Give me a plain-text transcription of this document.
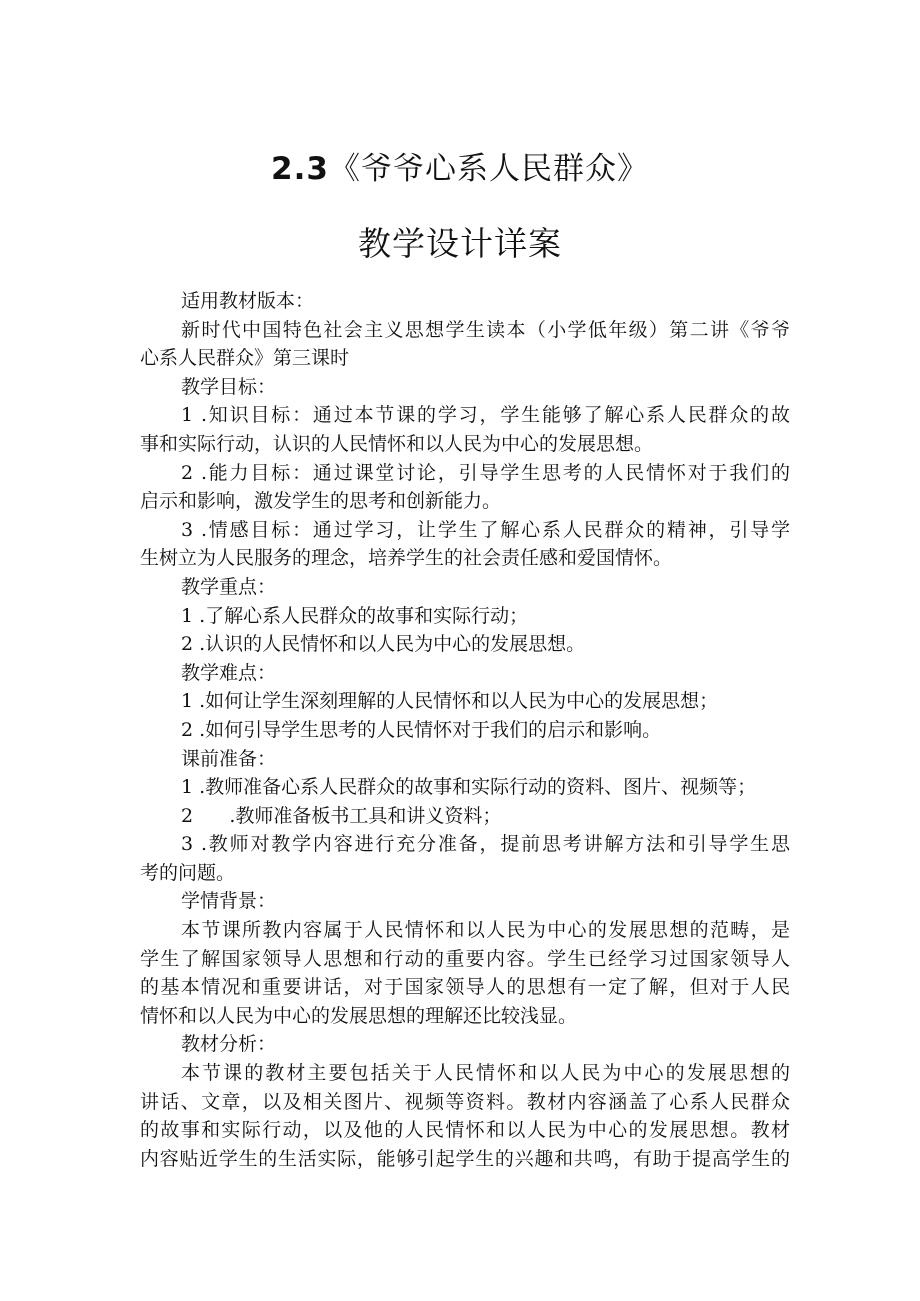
2.3《爷爷心系人民群众》
教学设计详案
适用教材版本：
新时代中国特色社会主义思想学生读本（小学低年级）第二讲《爷爷
心系人民群众》第三课时
教学目标：
1 .知识目标：通过本节课的学习，学生能够了解心系人民群众的故
事和实际行动，认识的人民情怀和以人民为中心的发展思想。
2 .能力目标：通过课堂讨论，引导学生思考的人民情怀对于我们的
启示和影响，激发学生的思考和创新能力。
3 .情感目标：通过学习，让学生了解心系人民群众的精神，引导学
生树立为人民服务的理念，培养学生的社会责任感和爱国情怀。
教学重点：
1 .了解心系人民群众的故事和实际行动；
2 .认识的人民情怀和以人民为中心的发展思想。
教学难点：
1 .如何让学生深刻理解的人民情怀和以人民为中心的发展思想；
2 .如何引导学生思考的人民情怀对于我们的启示和影响。
课前准备：
1 .教师准备心系人民群众的故事和实际行动的资料、图片、视频等；
2      .教师准备板书工具和讲义资料；
3 .教师对教学内容进行充分准备，提前思考讲解方法和引导学生思
考的问题。
学情背景：
本节课所教内容属于人民情怀和以人民为中心的发展思想的范畴，是
学生了解国家领导人思想和行动的重要内容。学生已经学习过国家领导人
的基本情况和重要讲话，对于国家领导人的思想有一定了解，但对于人民
情怀和以人民为中心的发展思想的理解还比较浅显。
教材分析：
本节课的教材主要包括关于人民情怀和以人民为中心的发展思想的
讲话、文章，以及相关图片、视频等资料。教材内容涵盖了心系人民群众
的故事和实际行动，以及他的人民情怀和以人民为中心的发展思想。教材
内容贴近学生的生活实际，能够引起学生的兴趣和共鸣，有助于提高学生的
